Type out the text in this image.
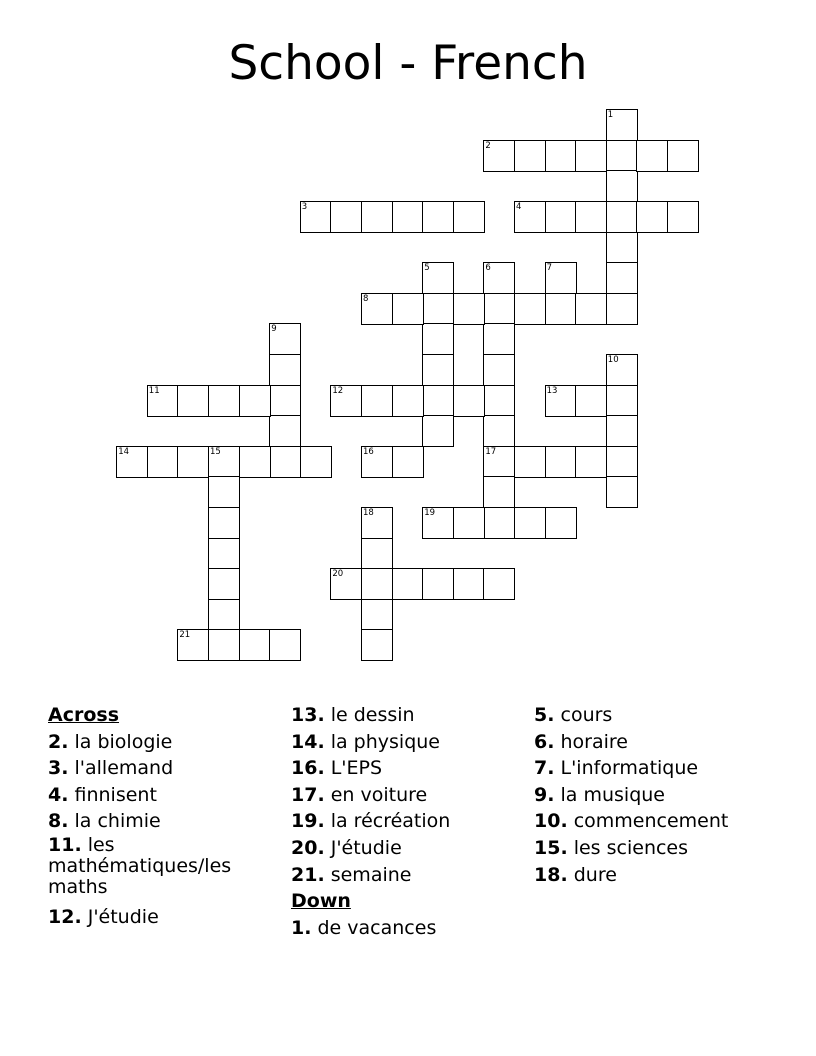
School - French
1
2
3	4
5	6
17
7
8
9
10
11	12	13
14	15	16
18	19
20
21
Across
2. la biologie
3. l'allemand
4. finnisent
8. la chimie
11. les mathématiques/les maths
12. J'étudie
13. le dessin
14. la physique
16. L'EPS
17. en voiture
19. la récréation
20. J'étudie
21. semaine
Down
1. de vacances
5. cours
6. horaire
7. L'informatique
9. la musique
10. commencement
15. les sciences
18. dure
